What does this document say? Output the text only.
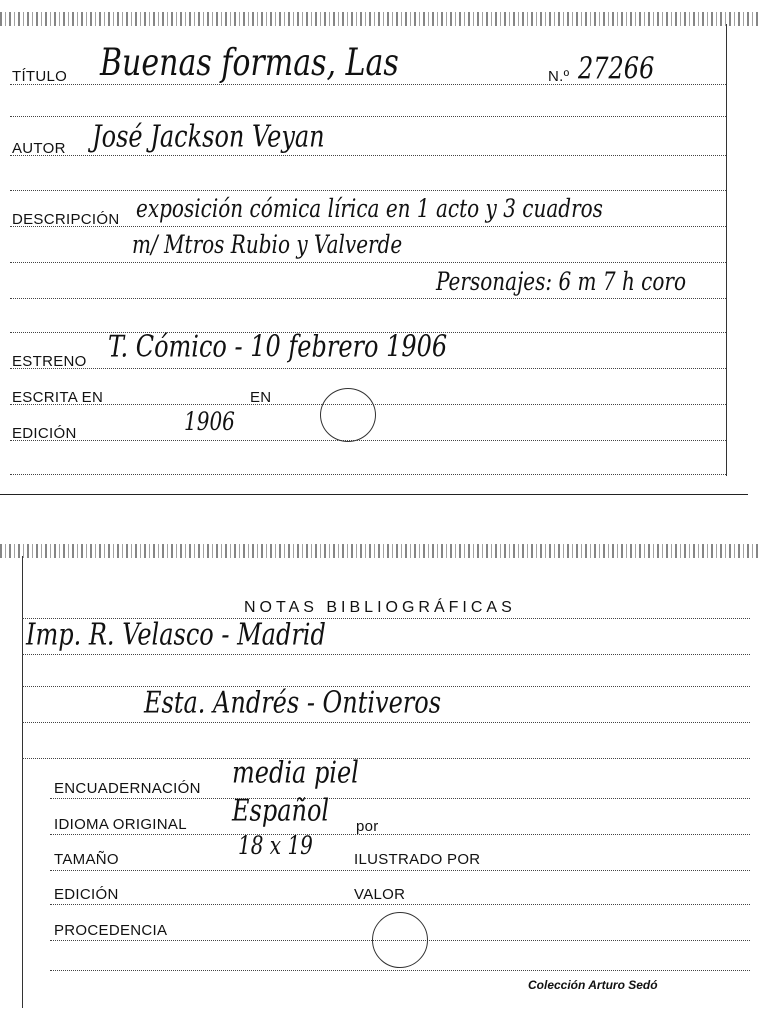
TÍTULO Buenas formas, Las	N.º 27266
AUTOR José Jackson Veyan
DESCRIPCIÓN exposición cómica lírica en 1 acto y 3 cuadros
m/ Mtros Rubio y Valverde
Personajes: 6 m 7 h coro
ESTRENO T. Cómico - 10 febrero 1906
ESCRITA EN	EN
EDICIÓN	1906
NOTAS BIBLIOGRÁFICAS
Imp. R. Velasco - Madrid
Esta. Andrés - Ontiveros
ENCUADERNACIÓN media piel
IDIOMA ORIGINAL Español por
TAMAÑO	18 x 19	ILUSTRADO POR
EDICIÓN	VALOR
PROCEDENCIA
Colección Arturo Sedó
